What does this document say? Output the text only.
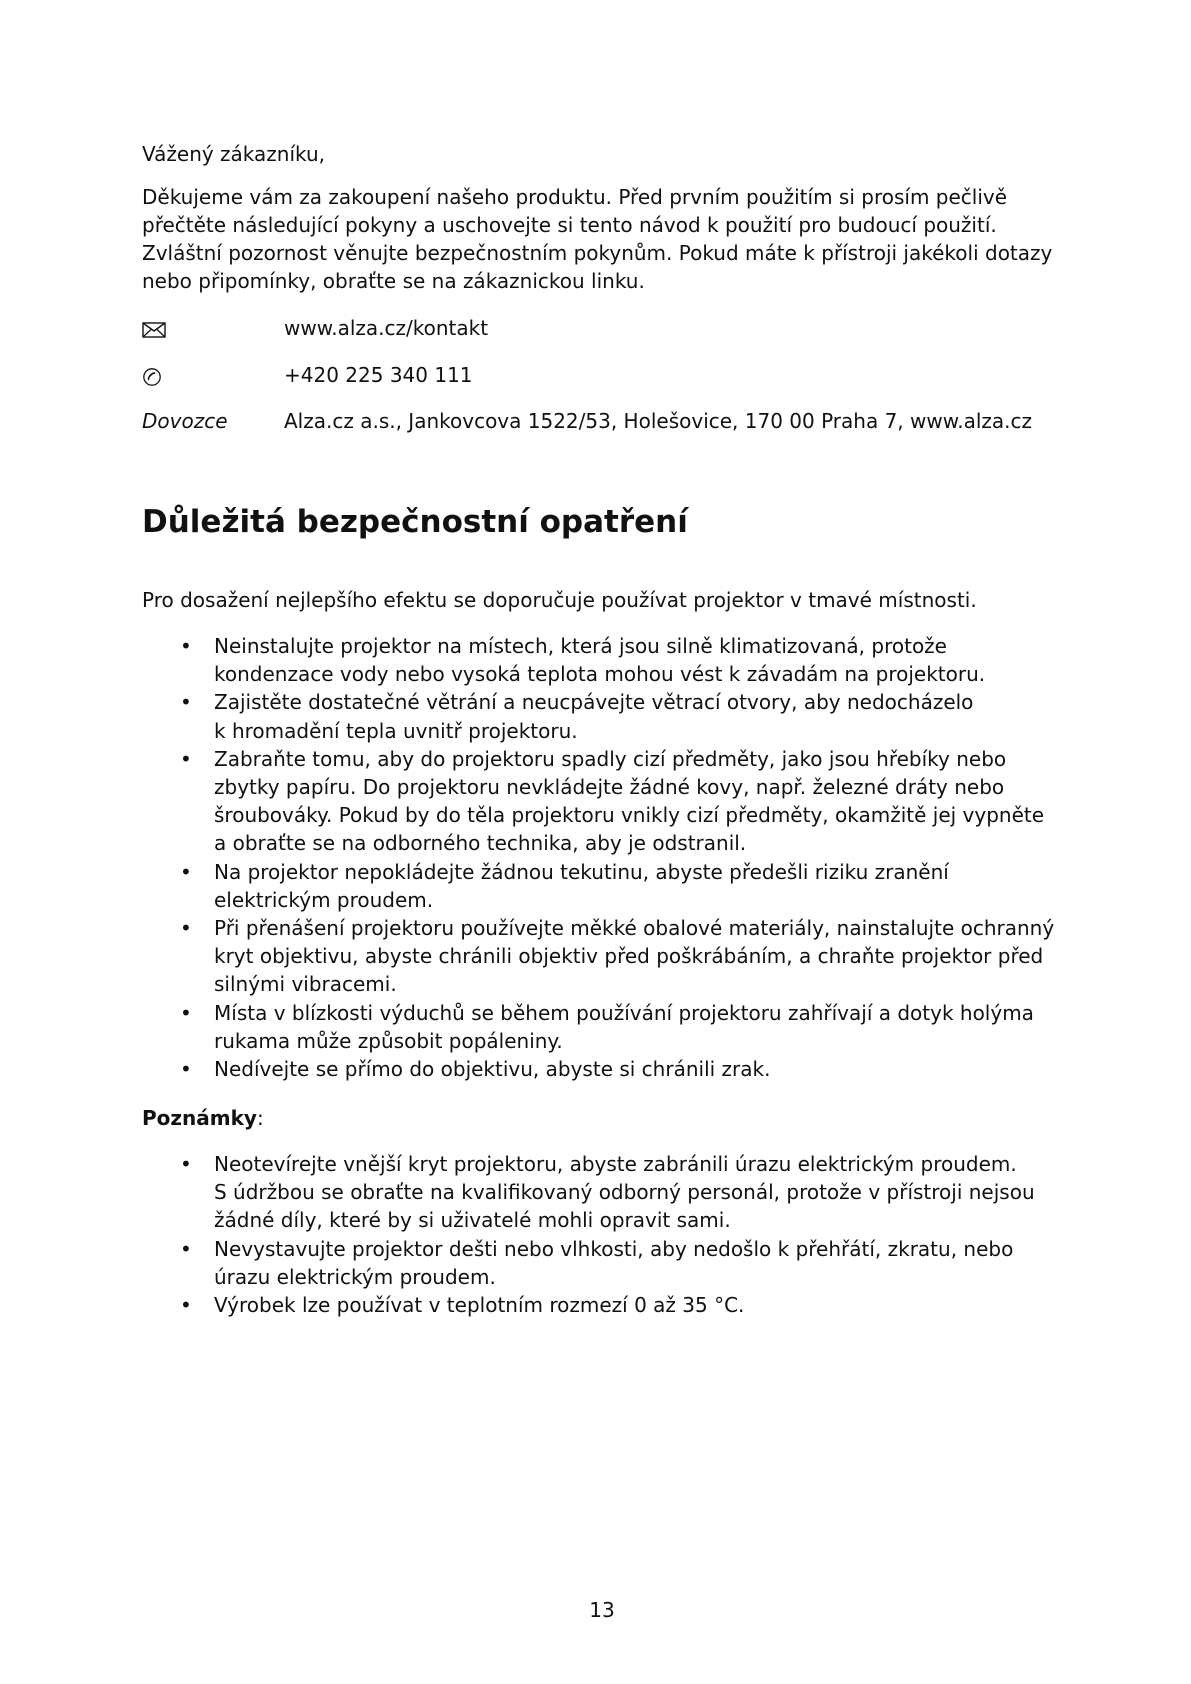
Vážený zákazníku,
Děkujeme vám za zakoupení našeho produktu. Před prvním použitím si prosím pečlivě
přečtěte následující pokyny a uschovejte si tento návod k použití pro budoucí použití.
Zvláštní pozornost věnujte bezpečnostním pokynům. Pokud máte k přístroji jakékoli dotazy
nebo připomínky, obraťte se na zákaznickou linku.
www.alza.cz/kontakt
+420 225 340 111
Dovozce	Alza.cz a.s., Jankovcova 1522/53, Holešovice, 170 00 Praha 7, www.alza.cz
Důležitá bezpečnostní opatření
Pro dosažení nejlepšího efektu se doporučuje používat projektor v tmavé místnosti.
•	Neinstalujte projektor na místech, která jsou silně klimatizovaná, protože
kondenzace vody nebo vysoká teplota mohou vést k závadám na projektoru.
•	Zajistěte dostatečné větrání a neucpávejte větrací otvory, aby nedocházelo
k hromadění tepla uvnitř projektoru.
•	Zabraňte tomu, aby do projektoru spadly cizí předměty, jako jsou hřebíky nebo
zbytky papíru. Do projektoru nevkládejte žádné kovy, např. železné dráty nebo
šroubováky. Pokud by do těla projektoru vnikly cizí předměty, okamžitě jej vypněte
a obraťte se na odborného technika, aby je odstranil.
•	Na projektor nepokládejte žádnou tekutinu, abyste předešli riziku zranění
elektrickým proudem.
•	Při přenášení projektoru používejte měkké obalové materiály, nainstalujte ochranný
kryt objektivu, abyste chránili objektiv před poškrábáním, a chraňte projektor před
silnými vibracemi.
•	Místa v blízkosti výduchů se během používání projektoru zahřívají a dotyk holýma
rukama může způsobit popáleniny.
•	Nedívejte se přímo do objektivu, abyste si chránili zrak.
Poznámky:
•	Neotevírejte vnější kryt projektoru, abyste zabránili úrazu elektrickým proudem.
S údržbou se obraťte na kvalifikovaný odborný personál, protože v přístroji nejsou
žádné díly, které by si uživatelé mohli opravit sami.
•	Nevystavujte projektor dešti nebo vlhkosti, aby nedošlo k přehřátí, zkratu, nebo
úrazu elektrickým proudem.
•	Výrobek lze používat v teplotním rozmezí 0 až 35 °C.
13
